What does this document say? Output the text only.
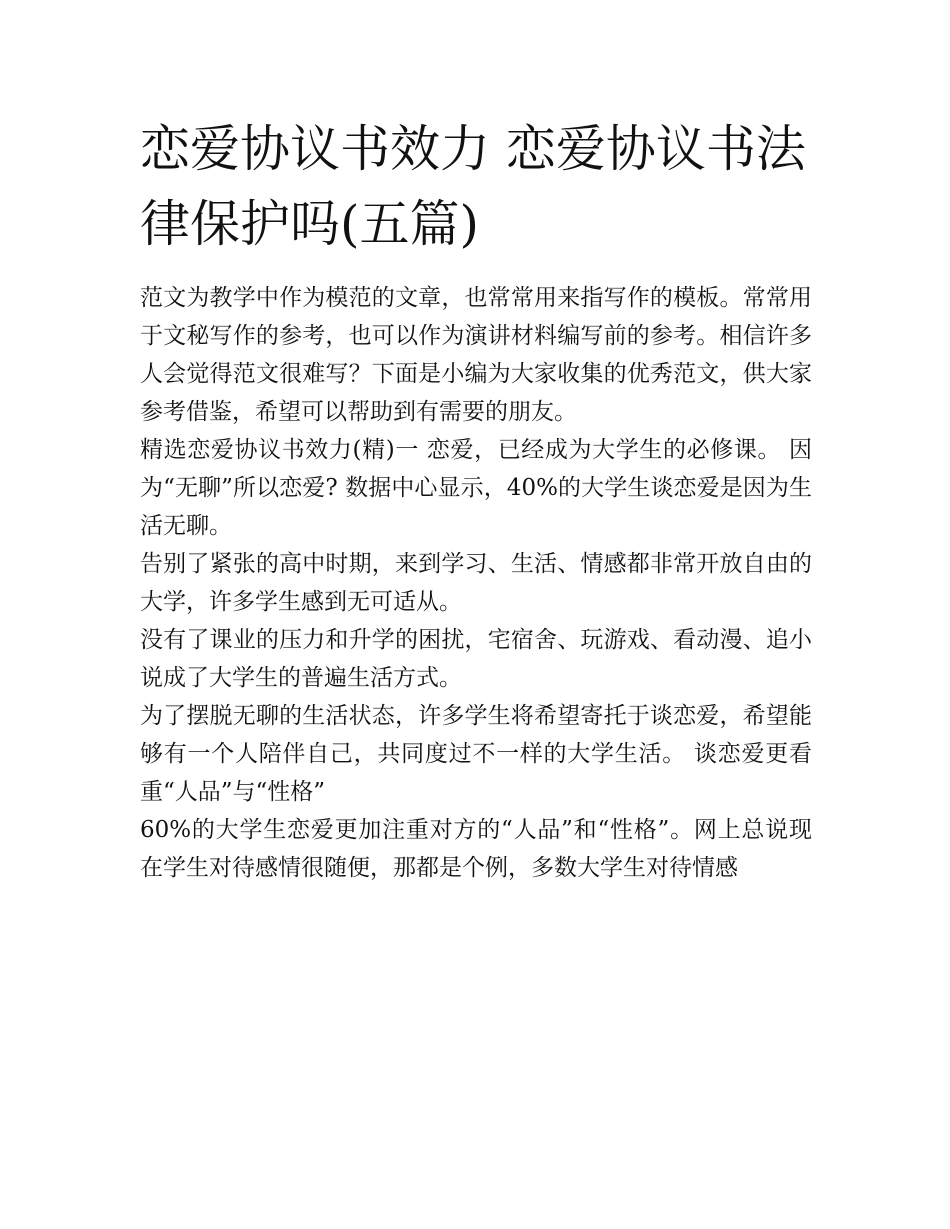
恋爱协议书效力 恋爱协议书法律保护吗(五篇)

范文为教学中作为模范的文章，也常常用来指写作的模板。常常用于文秘写作的参考，也可以作为演讲材料编写前的参考。相信许多人会觉得范文很难写？下面是小编为大家收集的优秀范文，供大家参考借鉴，希望可以帮助到有需要的朋友。

精选恋爱协议书效力(精)一 恋爱，已经成为大学生的必修课。 因为“无聊”所以恋爱? 数据中心显示，40%的大学生谈恋爱是因为生活无聊。

告别了紧张的高中时期，来到学习、生活、情感都非常开放自由的大学，许多学生感到无可适从。

没有了课业的压力和升学的困扰，宅宿舍、玩游戏、看动漫、追小说成了大学生的普遍生活方式。

为了摆脱无聊的生活状态，许多学生将希望寄托于谈恋爱，希望能够有一个人陪伴自己，共同度过不一样的大学生活。 谈恋爱更看重“人品”与“性格”

60%的大学生恋爱更加注重对方的“人品”和“性格”。网上总说现在学生对待感情很随便，那都是个例，多数大学生对待情感
